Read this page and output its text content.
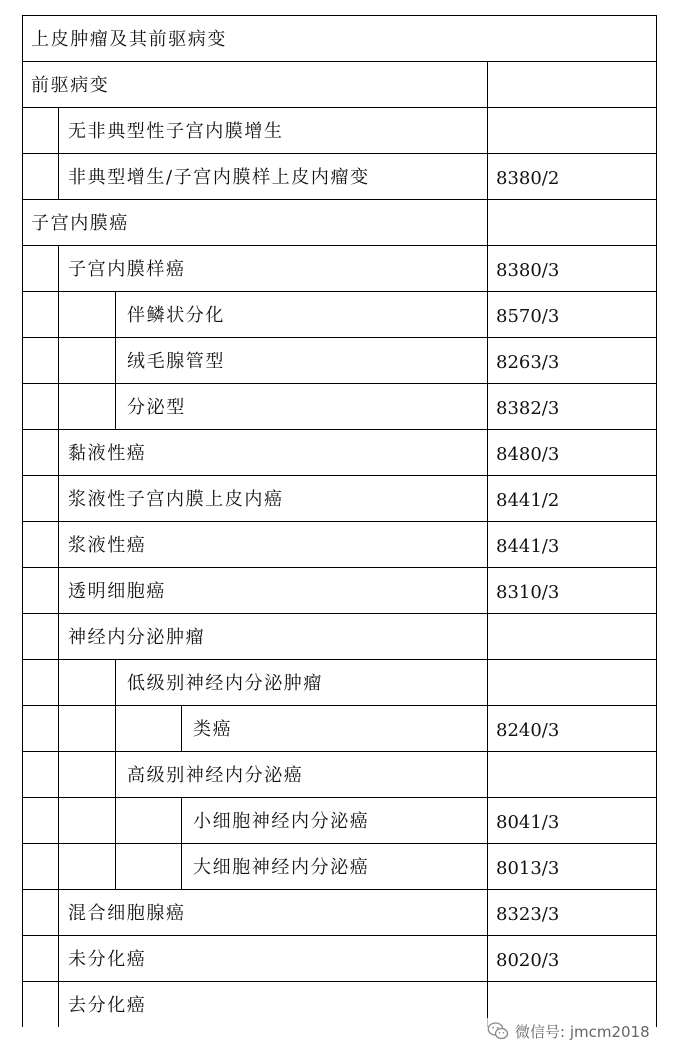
上皮肿瘤及其前驱病变
前驱病变
无非典型性子宫内膜增生
非典型增生/子宫内膜样上皮内瘤变	8380/2
子宫内膜癌
子宫内膜样癌	8380/3
伴鳞状分化	8570/3
绒毛腺管型	8263/3
分泌型	8382/3
黏液性癌	8480/3
浆液性子宫内膜上皮内癌	8441/2
浆液性癌	8441/3
透明细胞癌	8310/3
神经内分泌肿瘤
低级别神经内分泌肿瘤
类癌	8240/3
高级别神经内分泌癌
小细胞神经内分泌癌	8041/3
大细胞神经内分泌癌	8013/3
混合细胞腺癌	8323/3
未分化癌	8020/3
去分化癌
微信号: jmcm2018
